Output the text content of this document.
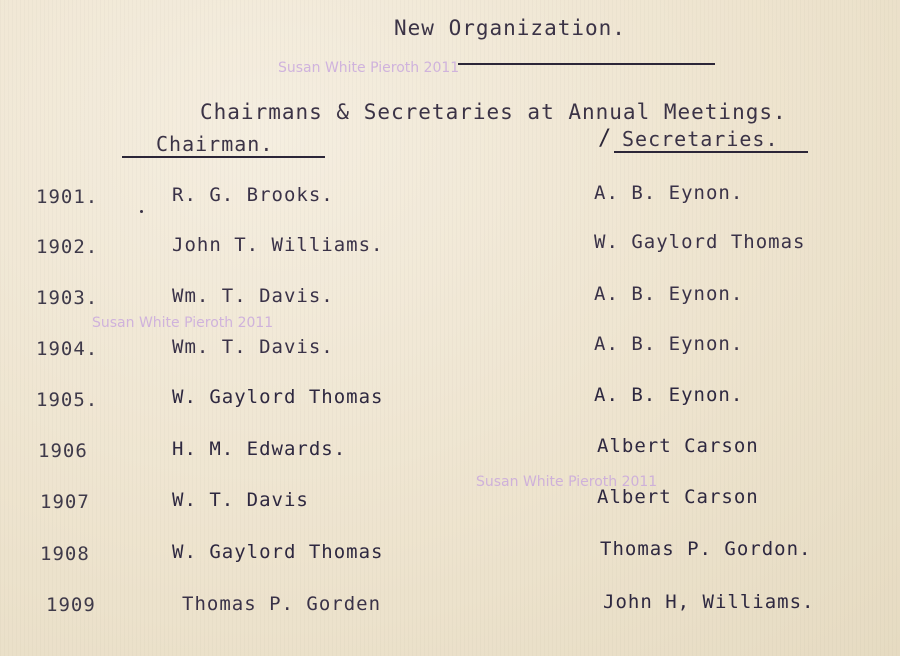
New Organization.
Susan White Pieroth 2011
Chairmans & Secretaries at Annual Meetings.
Chairman.	/ Secretaries.
1901.	R. G. Brooks.	A. B. Eynon.
1902.	John T. Williams.	W. Gaylord Thomas
1903.	Wm. T. Davis.	A. B. Eynon.
Susan White Pieroth 2011
1904.	Wm. T. Davis.	A. B. Eynon.
1905.	W. Gaylord Thomas	A. B. Eynon.
1906	H. M. Edwards.	Albert Carson
Susan White Pieroth 2011
1907	W. T. Davis	Albert Carson
1908	W. Gaylord Thomas	Thomas P. Gordon.
1909	Thomas P. Gorden	John H, Williams.
